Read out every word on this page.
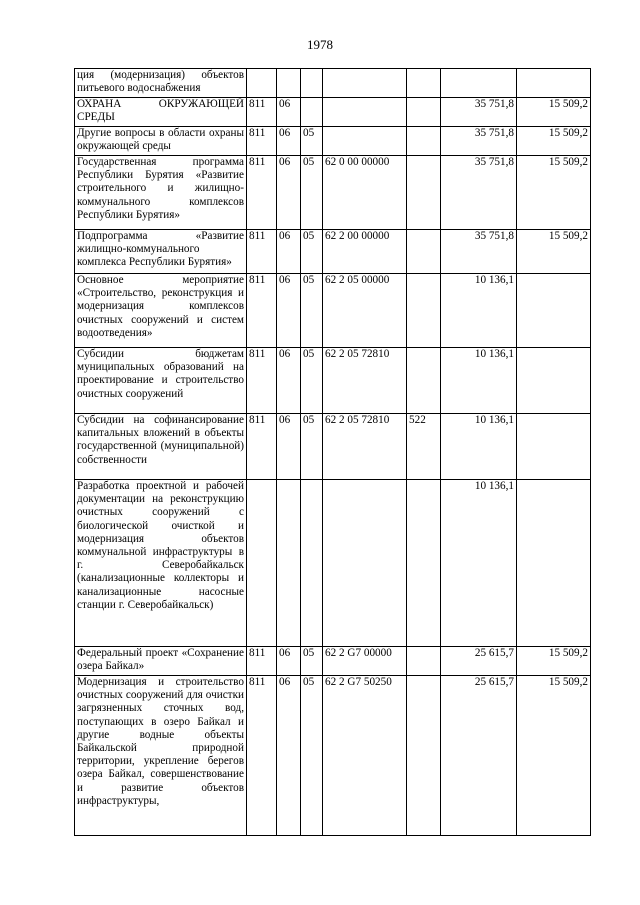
1978
ция (модернизация) объектов питьевого водоснабжения							
ОХРАНА ОКРУЖАЮЩЕЙ СРЕДЫ	811	06				35 751,8	15 509,2
Другие вопросы в области охраны окружающей среды	811	06	05			35 751,8	15 509,2
Государственная программа Республики Бурятия «Развитие строительного и жилищно-коммунального комплексов Республики Бурятия»	811	06	05	62 0 00 00000		35 751,8	15 509,2
Подпрограмма «Развитие жилищно-коммунального комплекса Республики Бурятия»	811	06	05	62 2 00 00000		35 751,8	15 509,2
Основное мероприятие «Строительство, реконструкция и модернизация комплексов очистных сооружений и систем водоотведения»	811	06	05	62 2 05 00000		10 136,1	
Субсидии бюджетам муниципальных образований на проектирование и строительство очистных сооружений	811	06	05	62 2 05 72810		10 136,1	
Субсидии на софинансирование капитальных вложений в объекты государственной (муниципальной) собственности	811	06	05	62 2 05 72810	522	10 136,1	
Разработка проектной и рабочей документации на реконструкцию очистных сооружений с биологической очисткой и модернизация объектов коммунальной инфраструктуры в г. Северобайкальск (канализационные коллекторы и канализационные насосные станции г. Северобайкальск)						10 136,1	
Федеральный проект «Сохранение озера Байкал»	811	06	05	62 2 G7 00000		25 615,7	15 509,2
Модернизация и строительство очистных сооружений для очистки загрязненных сточных вод, поступающих в озеро Байкал и другие водные объекты Байкальской природной территории, укрепление берегов озера Байкал, совершенствование и развитие объектов инфраструктуры,	811	06	05	62 2 G7 50250		25 615,7	15 509,2
